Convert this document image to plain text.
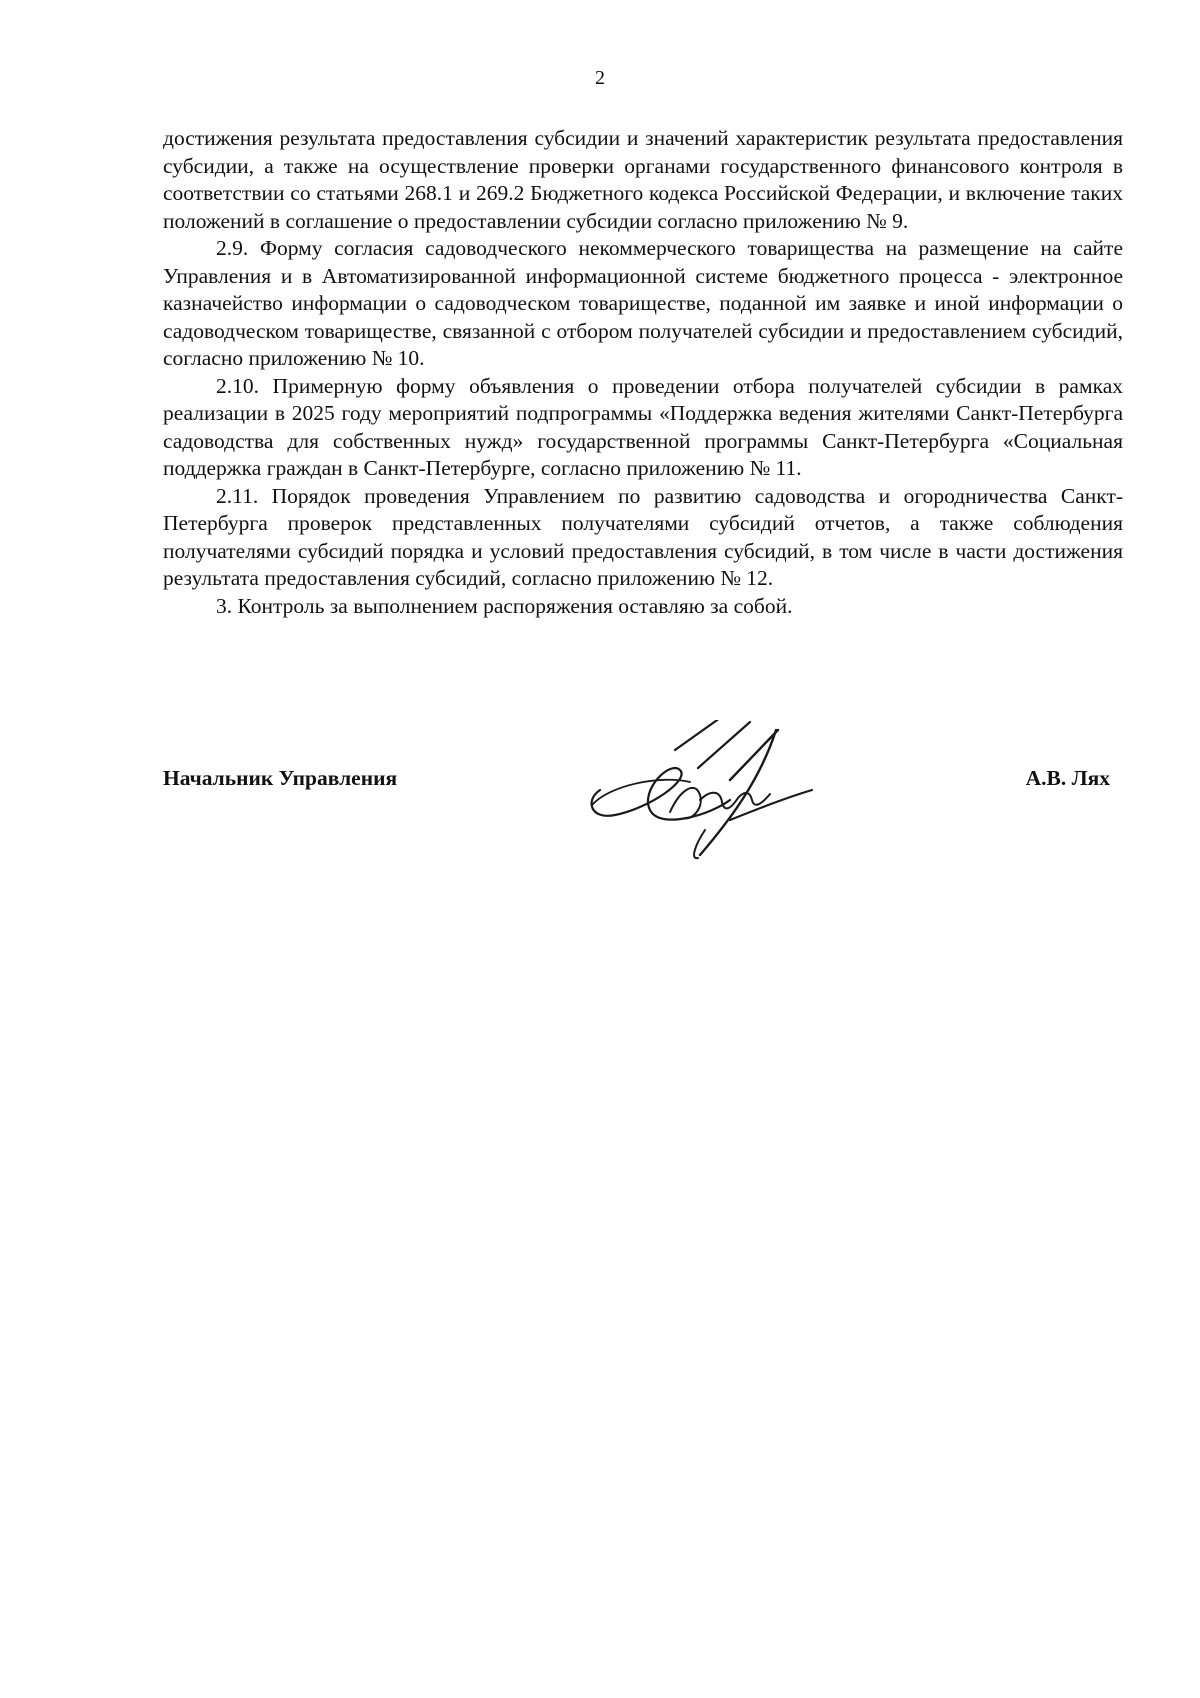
2

достижения результата предоставления субсидии и значений характеристик результата предоставления субсидии, а также на осуществление проверки органами государственного финансового контроля в соответствии со статьями 268.1 и 269.2 Бюджетного кодекса Российской Федерации, и включение таких положений в соглашение о предоставлении субсидии согласно приложению № 9.

2.9. Форму согласия садоводческого некоммерческого товарищества на размещение на сайте Управления и в Автоматизированной информационной системе бюджетного процесса - электронное казначейство информации о садоводческом товариществе, поданной им заявке и иной информации о садоводческом товариществе, связанной с отбором получателей субсидии и предоставлением субсидий, согласно приложению № 10.

2.10. Примерную форму объявления о проведении отбора получателей субсидии в рамках реализации в 2025 году мероприятий подпрограммы «Поддержка ведения жителями Санкт-Петербурга садоводства для собственных нужд» государственной программы Санкт-Петербурга «Социальная поддержка граждан в Санкт-Петербурге, согласно приложению № 11.

2.11. Порядок проведения Управлением по развитию садоводства и огородничества Санкт-Петербурга проверок представленных получателями субсидий отчетов, а также соблюдения получателями субсидий порядка и условий предоставления субсидий, в том числе в части достижения результата предоставления субсидий, согласно приложению № 12.

3. Контроль за выполнением распоряжения оставляю за собой.

Начальник Управления	А.В. Лях
